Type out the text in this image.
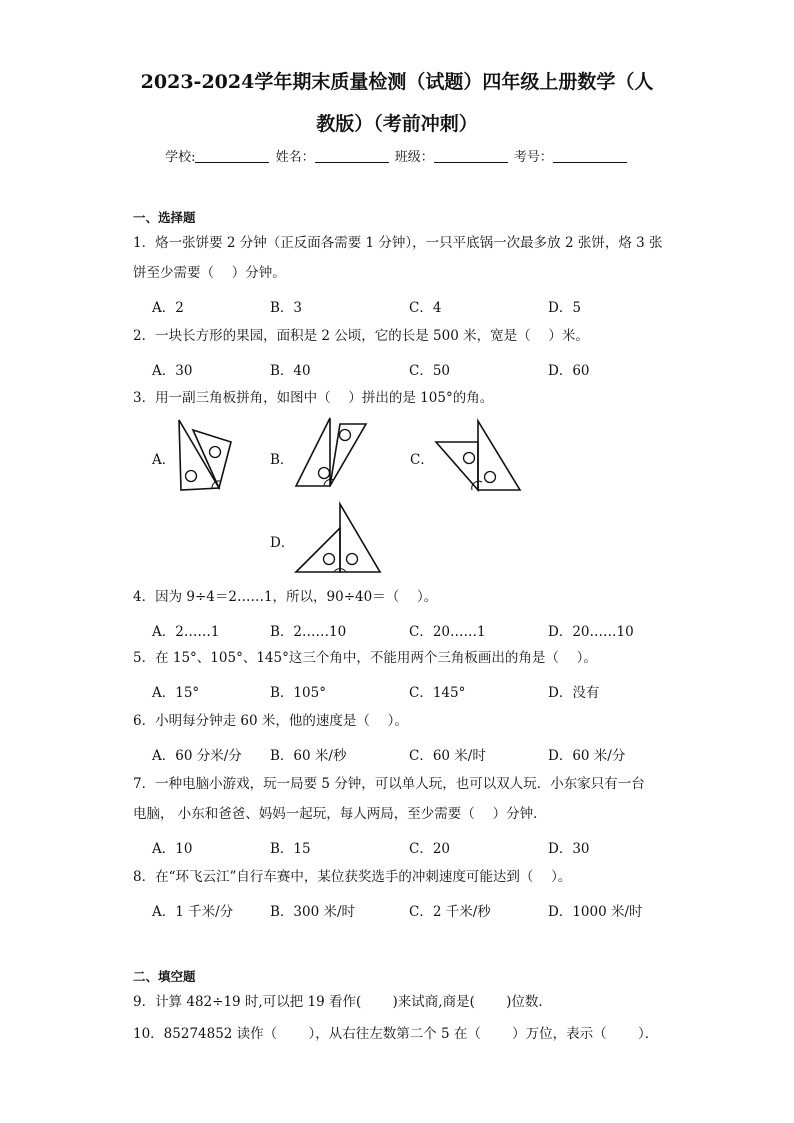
2023-2024学年期末质量检测（试题）四年级上册数学（人
教版）（考前冲刺）
学校:	姓名：	班级：	考号：
一、选择题
1．烙一张饼要 2 分钟（正反面各需要 1 分钟），一只平底锅一次最多放 2 张饼，烙 3 张
饼至少需要（　 ）分钟。
A．2	B．3	C．4	D．5
2．一块长方形的果园，面积是 2 公顷，它的长是 500 米，宽是（　 ）米。
A．30	B．40	C．50	D．60
3．用一副三角板拼角，如图中（　 ）拼出的是 105°的角。
A．	B．	C．
D．
4．因为 9÷4＝2……1，所以，90÷40＝（　 ）。
A．2……1	B．2……10	C．20……1	D．20……10
5．在 15°、105°、145°这三个角中，不能用两个三角板画出的角是（　 ）。
A．15°	B．105°	C．145°	D．没有
6．小明每分钟走 60 米，他的速度是（　 ）。
A．60 分米/分 B．60 米/秒	C．60 米/时	D．60 米/分
7．一种电脑小游戏，玩一局要 5 分钟，可以单人玩，也可以双人玩．小东家只有一台
电脑， 小东和爸爸、妈妈一起玩，每人两局，至少需要（　 ）分钟．
A．10	B．15	C．20	D．30
8．在“环飞云江”自行车赛中，某位获奖选手的冲刺速度可能达到（　 ）。
A．1 千米/分	B．300 米/时	C．2 千米/秒	D．1000 米/时
二、填空题
9．计算 482÷19 时,可以把 19 看作(　　 )来试商,商是(　　 )位数．
10．85274852 读作（　　 ），从右往左数第二个 5 在（　　 ）万位，表示（　　 ）．
